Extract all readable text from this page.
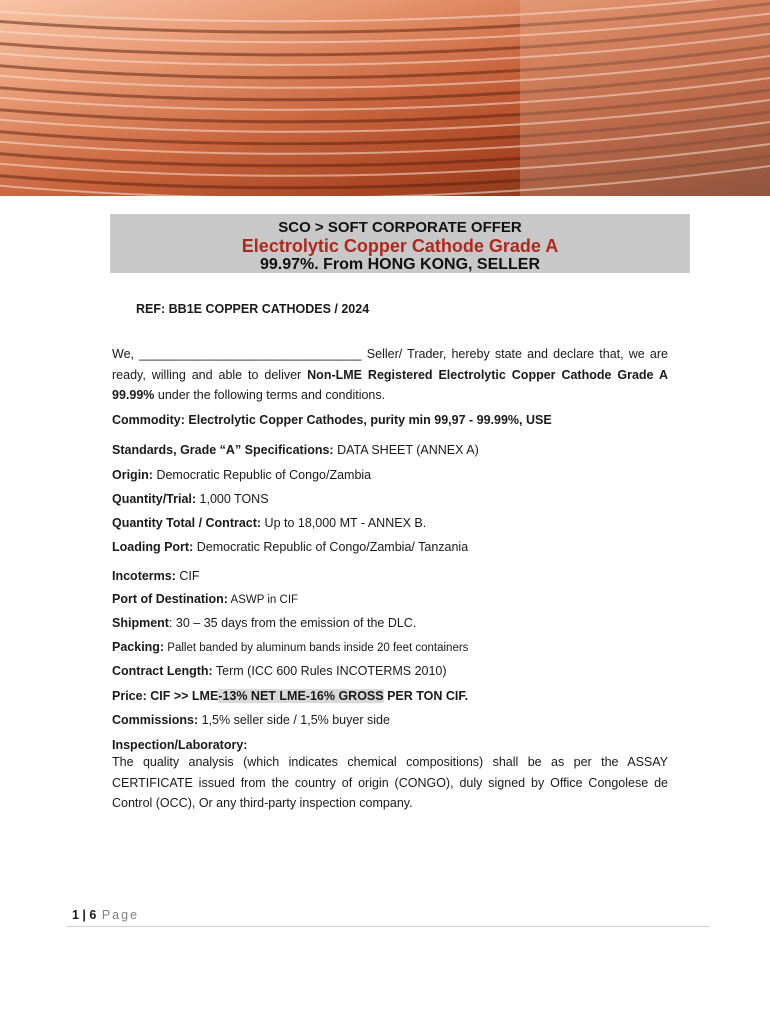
SCO > SOFT CORPORATE OFFER
Electrolytic Copper Cathode Grade A
99.97%. From HONG KONG, SELLER
REF: BB1E COPPER CATHODES / 2024
We, ________________________________ Seller/ Trader, hereby state and declare that, we are ready, willing and able to deliver Non-LME Registered Electrolytic Copper Cathode Grade A 99.99% under the following terms and conditions.
Commodity: Electrolytic Copper Cathodes, purity min 99,97 - 99.99%, USE
Standards, Grade “A” Specifications: DATA SHEET (ANNEX A)
Origin: Democratic Republic of Congo/Zambia
Quantity/Trial: 1,000 TONS
Quantity Total / Contract: Up to 18,000 MT - ANNEX B.
Loading Port: Democratic Republic of Congo/Zambia/ Tanzania
Incoterms: CIF
Port of Destination: ASWP in CIF
Shipment: 30 – 35 days from the emission of the DLC.
Packing: Pallet banded by aluminum bands inside 20 feet containers
Contract Length: Term (ICC 600 Rules INCOTERMS 2010)
Price: CIF >> LME-13% NET LME-16% GROSS PER TON CIF.
Commissions: 1,5% seller side / 1,5% buyer side
Inspection/Laboratory:
The quality analysis (which indicates chemical compositions) shall be as per the ASSAY CERTIFICATE issued from the country of origin (CONGO), duly signed by Office Congolese de Control (OCC), Or any third-party inspection company.
1 | 6 Page
